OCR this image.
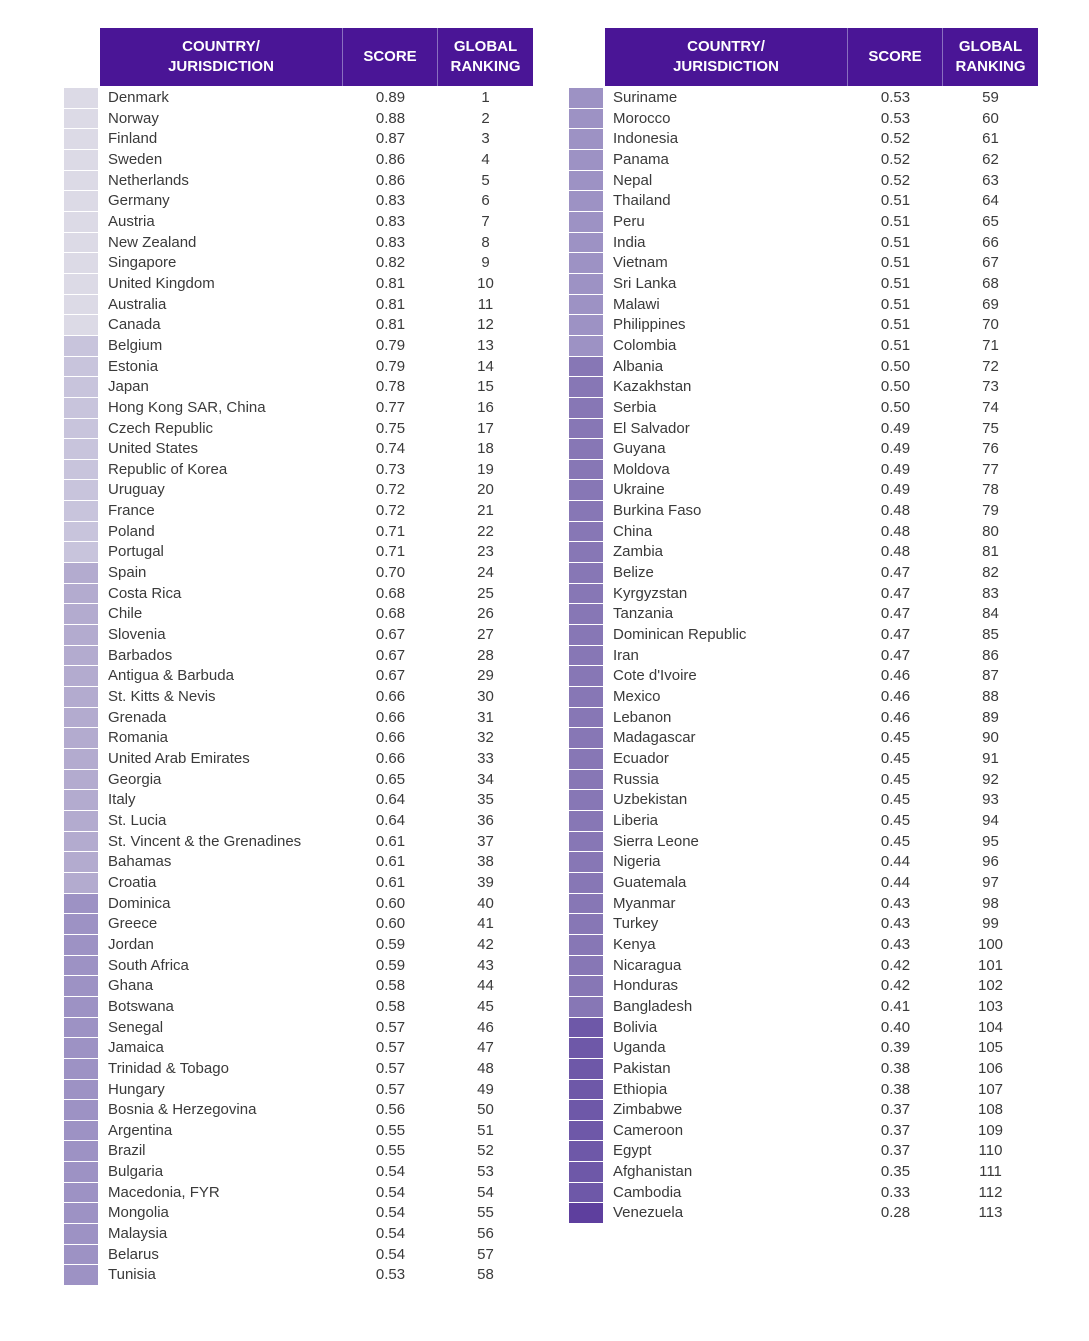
COUNTRY/
JURISDICTION
SCORE
GLOBAL
RANKING
Denmark	0.89	1
Norway	0.88	2
Finland	0.87	3
Sweden	0.86	4
Netherlands	0.86	5
Germany	0.83	6
Austria	0.83	7
New Zealand	0.83	8
Singapore	0.82	9
United Kingdom	0.81	10
Australia	0.81	11
Canada	0.81	12
Belgium	0.79	13
Estonia	0.79	14
Japan	0.78	15
Hong Kong SAR, China	0.77	16
Czech Republic	0.75	17
United States	0.74	18
Republic of Korea	0.73	19
Uruguay	0.72	20
France	0.72	21
Poland	0.71	22
Portugal	0.71	23
Spain	0.70	24
Costa Rica	0.68	25
Chile	0.68	26
Slovenia	0.67	27
Barbados	0.67	28
Antigua & Barbuda	0.67	29
St. Kitts & Nevis	0.66	30
Grenada	0.66	31
Romania	0.66	32
United Arab Emirates	0.66	33
Georgia	0.65	34
Italy	0.64	35
St. Lucia	0.64	36
St. Vincent & the Grenadines	0.61	37
Bahamas	0.61	38
Croatia	0.61	39
Dominica	0.60	40
Greece	0.60	41
Jordan	0.59	42
South Africa	0.59	43
Ghana	0.58	44
Botswana	0.58	45
Senegal	0.57	46
Jamaica	0.57	47
Trinidad & Tobago	0.57	48
Hungary	0.57	49
Bosnia & Herzegovina	0.56	50
Argentina	0.55	51
Brazil	0.55	52
Bulgaria	0.54	53
Macedonia, FYR	0.54	54
Mongolia	0.54	55
Malaysia	0.54	56
Belarus	0.54	57
Tunisia	0.53	58
COUNTRY/
JURISDICTION
SCORE
GLOBAL
RANKING
Suriname	0.53	59
Morocco	0.53	60
Indonesia	0.52	61
Panama	0.52	62
Nepal	0.52	63
Thailand	0.51	64
Peru	0.51	65
India	0.51	66
Vietnam	0.51	67
Sri Lanka	0.51	68
Malawi	0.51	69
Philippines	0.51	70
Colombia	0.51	71
Albania	0.50	72
Kazakhstan	0.50	73
Serbia	0.50	74
El Salvador	0.49	75
Guyana	0.49	76
Moldova	0.49	77
Ukraine	0.49	78
Burkina Faso	0.48	79
China	0.48	80
Zambia	0.48	81
Belize	0.47	82
Kyrgyzstan	0.47	83
Tanzania	0.47	84
Dominican Republic	0.47	85
Iran	0.47	86
Cote d'Ivoire	0.46	87
Mexico	0.46	88
Lebanon	0.46	89
Madagascar	0.45	90
Ecuador	0.45	91
Russia	0.45	92
Uzbekistan	0.45	93
Liberia	0.45	94
Sierra Leone	0.45	95
Nigeria	0.44	96
Guatemala	0.44	97
Myanmar	0.43	98
Turkey	0.43	99
Kenya	0.43	100
Nicaragua	0.42	101
Honduras	0.42	102
Bangladesh	0.41	103
Bolivia	0.40	104
Uganda	0.39	105
Pakistan	0.38	106
Ethiopia	0.38	107
Zimbabwe	0.37	108
Cameroon	0.37	109
Egypt	0.37	110
Afghanistan	0.35	111
Cambodia	0.33	112
Venezuela	0.28	113
